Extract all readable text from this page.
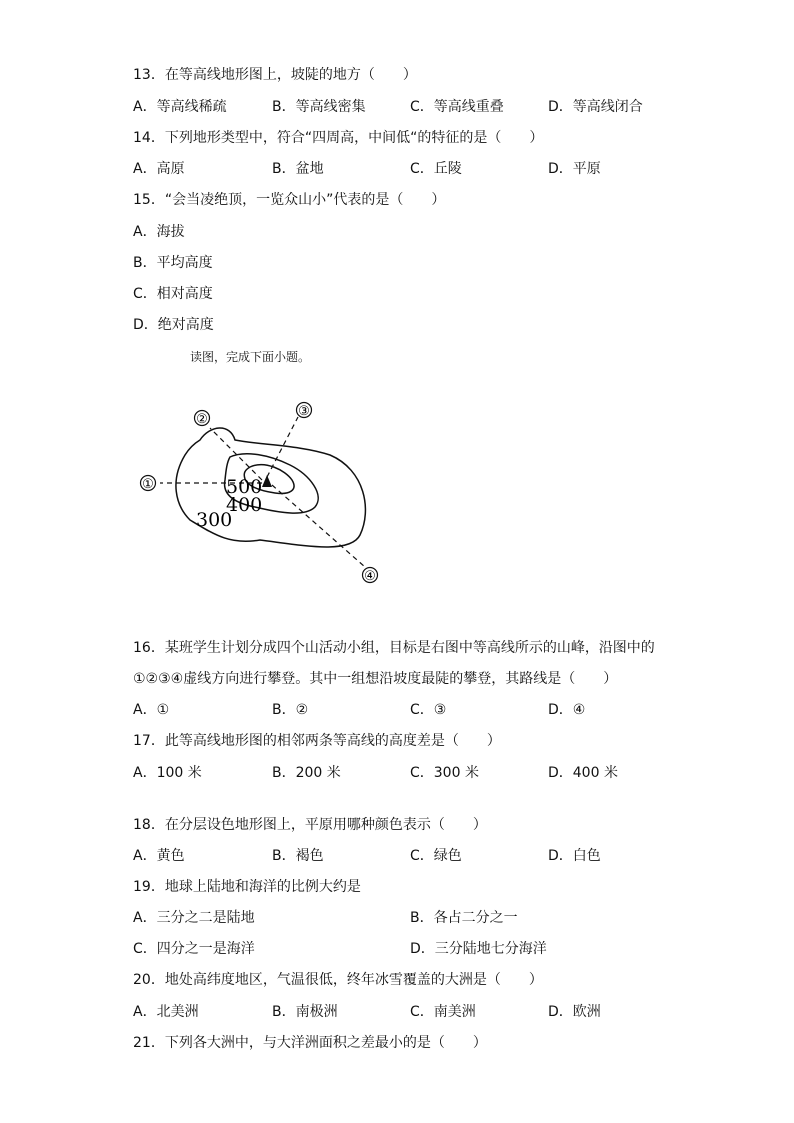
13．在等高线地形图上，坡陡的地方（　　）
A．等高线稀疏	B．等高线密集	C．等高线重叠	D．等高线闭合
14．下列地形类型中，符合“四周高，中间低“的特征的是（　　）
A．高原	B．盆地	C．丘陵	D．平原
15．“会当凌绝顶，一览众山小”代表的是（　　）
A．海拔
B．平均高度
C．相对高度
D．绝对高度
读图，完成下面小题。
①
②
③
④
500
400
300
16．某班学生计划分成四个山活动小组，目标是右图中等高线所示的山峰，沿图中的
①②③④虚线方向进行攀登。其中一组想沿坡度最陡的攀登，其路线是（　　）
A．①	B．②	C．③	D．④
17．此等高线地形图的相邻两条等高线的高度差是（　　）
A．100 米	B．200 米	C．300 米	D．400 米
18．在分层设色地形图上，平原用哪种颜色表示（　　）
A．黄色	B．褐色	C．绿色	D．白色
19．地球上陆地和海洋的比例大约是
A．三分之二是陆地	B．各占二分之一
C．四分之一是海洋	D．三分陆地七分海洋
20．地处高纬度地区，气温很低，终年冰雪覆盖的大洲是（　　）
A．北美洲	B．南极洲	C．南美洲	D．欧洲
21．下列各大洲中，与大洋洲面积之差最小的是（　　）
